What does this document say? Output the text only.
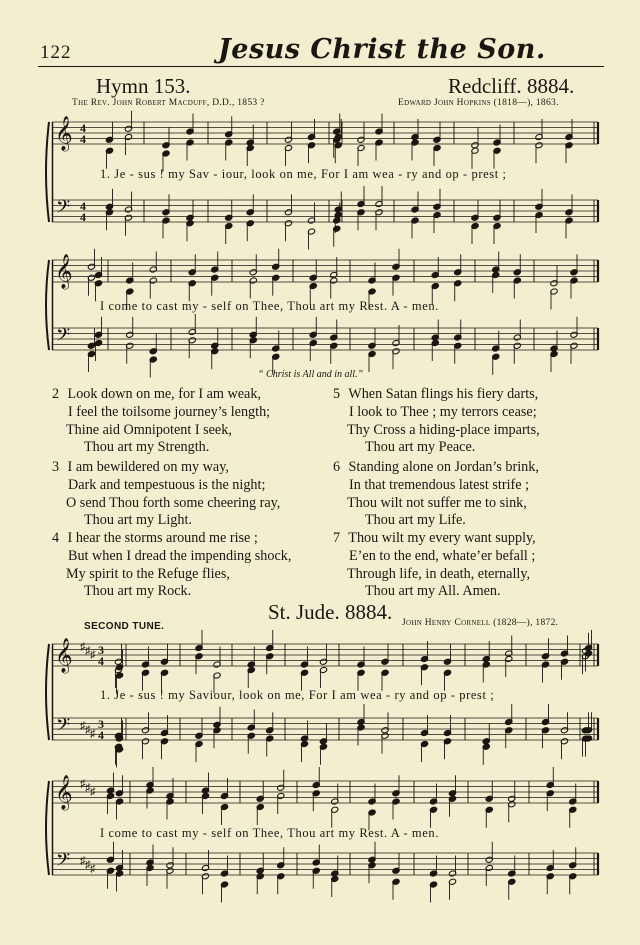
122	Jesus Christ the Son.
Hymn 153.	Redcliff. 8884.
The Rev. John Robert Macduff, D.D., 1853 ?	Edward John Hopkins (1818—), 1863.
𝄞
𝄢
4
4
4
4
1. Je - sus ! my Sav - iour, look on me, For I am wea - ry and op - prest ;
𝄞
𝄢
I come to cast my - self on Thee, Thou art my Rest. A - men.
“ Christ is All and in all.”
2 Look down on me, for I am weak,
I feel the toilsome journey’s length;
Thine aid Omnipotent I seek,
Thou art my Strength.
3 I am bewildered on my way,
Dark and tempestuous is the night;
O send Thou forth some cheering ray,
Thou art my Light.
4 I hear the storms around me rise ;
But when I dread the impending shock,
My spirit to the Refuge flies,
Thou art my Rock.
5 When Satan flings his fiery darts,
I look to Thee ; my terrors cease;
Thy Cross a hiding-place imparts,
Thou art my Peace.
6 Standing alone on Jordan’s brink,
In that tremendous latest strife ;
Thou wilt not suffer me to sink,
Thou art my Life.
7 Thou wilt my every want supply,
E’en to the end, whate’er befall ;
Through life, in death, eternally,
Thou art my All. Amen.
St. Jude. 8884.
SECOND TUNE.	John Henry Cornell (1828—), 1872.
𝄞
𝄢
♯
♯
♯
♯
♯
♯
3
3
4
4
1. Je - sus ! my Saviour, look on me, For I am wea - ry and op - prest ;
𝄞
𝄢
♯
♯
♯
♯
♯
♯
I come to cast my - self on Thee, Thou art my Rest. A - men.
